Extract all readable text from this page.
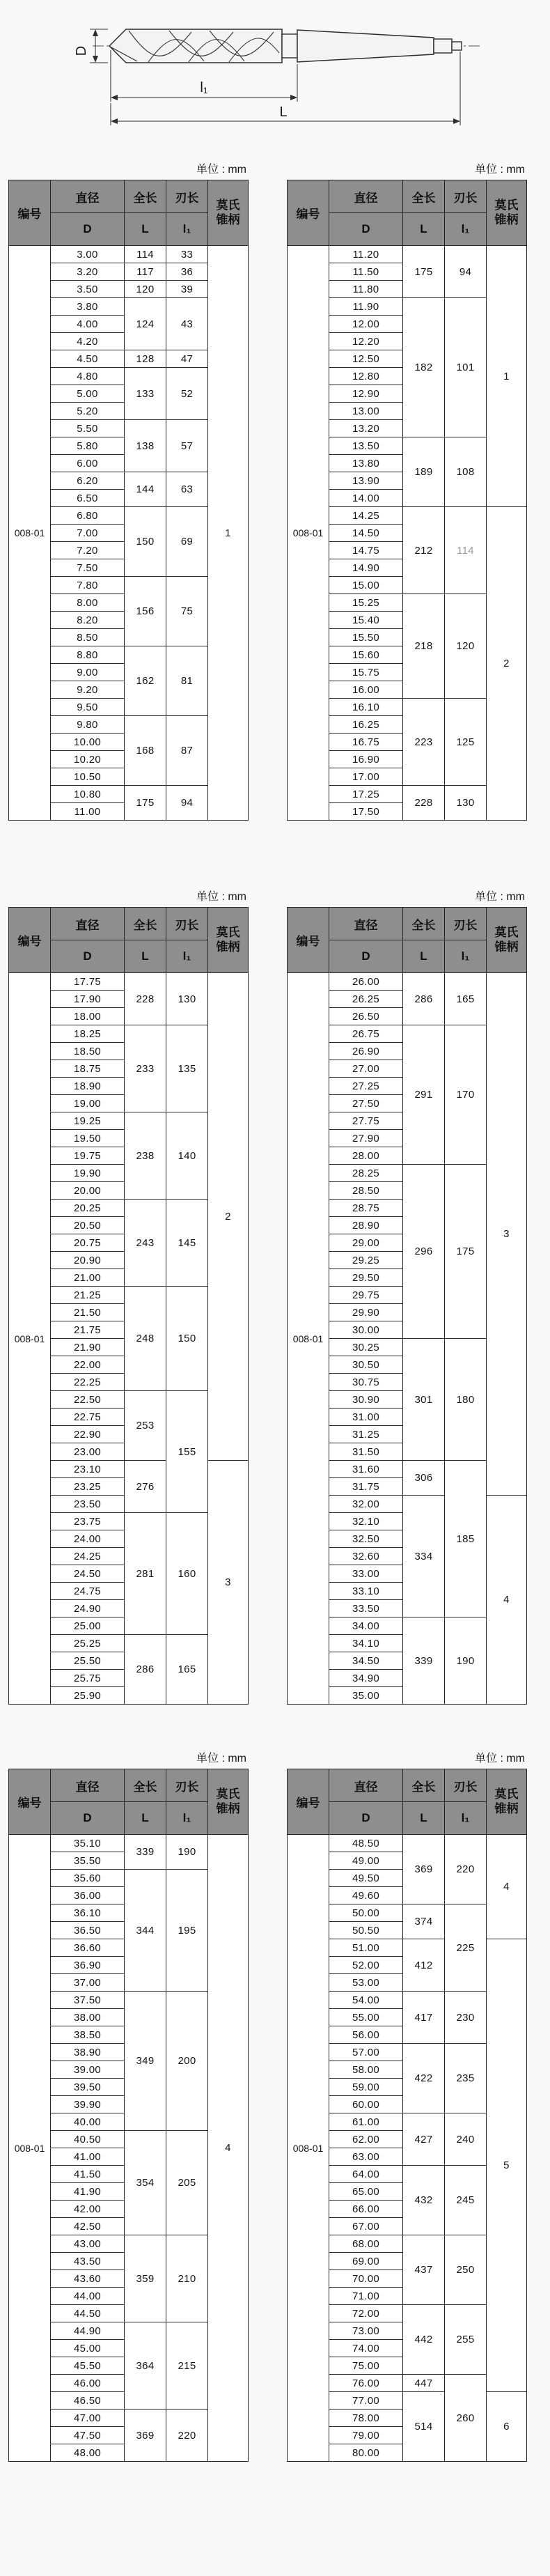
D
l₁
L
单位 : mm
编号	直径	全长	刃长	莫氏
锥柄

	D	L	l₁	
008-01	3.00	114	33	1
	3.20	117	36	
	3.50	120	39	
	3.80	124	43	
	4.00			
	4.20			
	4.50	128	47	
	4.80	133	52	
	5.00			
	5.20			
	5.50	138	57	
	5.80			
	6.00			
	6.20	144	63	
	6.50			
	6.80	150	69	
	7.00			
	7.20			
	7.50			
	7.80	156	75	
	8.00			
	8.20			
	8.50			
	8.80	162	81	
	9.00			
	9.20			
	9.50			
	9.80	168	87	
	10.00			
	10.20			
	10.50			
	10.80	175	94	
	11.00			
单位 : mm
编号	直径	全长	刃长	莫氏
锥柄

	D	L	l₁	
008-01	11.20	175	94	1
	11.50			
	11.80			
	11.90	182	101	
	12.00			
	12.20			
	12.50			
	12.80			
	12.90			
	13.00			
	13.20			
	13.50	189	108	
	13.80			
	13.90			
	14.00			
	14.25	212	114	2
	14.50			
	14.75			
	14.90			
	15.00			
	15.25	218	120	
	15.40			
	15.50			
	15.60			
	15.75			
	16.00			
	16.10	223	125	
	16.25			
	16.75			
	16.90			
	17.00			
	17.25	228	130	
	17.50			
单位 : mm
编号	直径	全长	刃长	莫氏
锥柄

	D	L	l₁	
008-01	17.75	228	130	2
	17.90			
	18.00			
	18.25	233	135	
	18.50			
	18.75			
	18.90			
	19.00			
	19.25	238	140	
	19.50			
	19.75			
	19.90			
	20.00			
	20.25	243	145	
	20.50			
	20.75			
	20.90			
	21.00			
	21.25	248	150	
	21.50			
	21.75			
	21.90			
	22.00			
	22.25			
	22.50	253	155	
	22.75			
	22.90			
	23.00			
	23.10	276		3
	23.25			
	23.50			
	23.75	281	160	
	24.00			
	24.25			
	24.50			
	24.75			
	24.90			
	25.00			
	25.25	286	165	
	25.50			
	25.75			
	25.90			
单位 : mm
编号	直径	全长	刃长	莫氏
锥柄

	D	L	l₁	
008-01	26.00	286	165	3
	26.25			
	26.50			
	26.75	291	170	
	26.90			
	27.00			
	27.25			
	27.50			
	27.75			
	27.90			
	28.00			
	28.25	296	175	
	28.50			
	28.75			
	28.90			
	29.00			
	29.25			
	29.50			
	29.75			
	29.90			
	30.00			
	30.25	301	180	
	30.50			
	30.75			
	30.90			
	31.00			
	31.25			
	31.50			
	31.60	306	185	
	31.75			
	32.00	334		4
	32.10			
	32.50			
	32.60			
	33.00			
	33.10			
	33.50			
	34.00	339	190	
	34.10			
	34.50			
	34.90			
	35.00			
单位 : mm
编号	直径	全长	刃长	莫氏
锥柄

	D	L	l₁	
008-01	35.10	339	190	4
	35.50			
	35.60	344	195	
	36.00			
	36.10			
	36.50			
	36.60			
	36.90			
	37.00			
	37.50	349	200	
	38.00			
	38.50			
	38.90			
	39.00			
	39.50			
	39.90			
	40.00			
	40.50	354	205	
	41.00			
	41.50			
	41.90			
	42.00			
	42.50			
	43.00	359	210	
	43.50			
	43.60			
	44.00			
	44.50			
	44.90	364	215	
	45.00			
	45.50			
	46.00			
	46.50			
	47.00	369	220	
	47.50			
	48.00			
单位 : mm
编号	直径	全长	刃长	莫氏
锥柄

	D	L	l₁	
008-01	48.50	369	220	4
	49.00			
	49.50			
	49.60			
	50.00	374	225	
	50.50			
	51.00	412		5
	52.00			
	53.00			
	54.00	417	230	
	55.00			
	56.00			
	57.00	422	235	
	58.00			
	59.00			
	60.00			
	61.00	427	240	
	62.00			
	63.00			
	64.00	432	245	
	65.00			
	66.00			
	67.00			
	68.00	437	250	
	69.00			
	70.00			
	71.00			
	72.00	442	255	
	73.00			
	74.00			
	75.00			
	76.00	447	260	
	77.00	514		6
	78.00			
	79.00			
	80.00			
